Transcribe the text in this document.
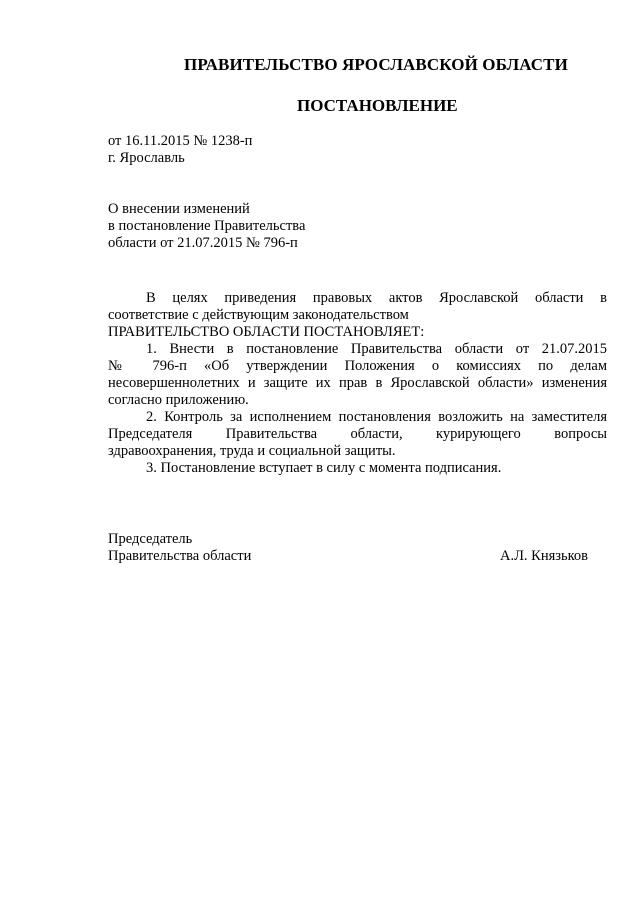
ПРАВИТЕЛЬСТВО ЯРОСЛАВСКОЙ ОБЛАСТИ
ПОСТАНОВЛЕНИЕ
от 16.11.2015 № 1238-п
г. Ярославль
О внесении изменений
в постановление Правительства
области от 21.07.2015 № 796-п

В целях приведения правовых актов Ярославской области в

соответствие с действующим законодательством

ПРАВИТЕЛЬСТВО ОБЛАСТИ ПОСТАНОВЛЯЕТ:

1. Внести в постановление Правительства области от 21.07.2015

№ 796-п «Об утверждении Положения о комиссиях по делам

несовершеннолетних и защите их прав в Ярославской области» изменения

согласно приложению.

2. Контроль за исполнением постановления возложить на заместителя

Председателя Правительства области, курирующего вопросы

здравоохранения, труда и социальной защиты.

3. Постановление вступает в силу с момента подписания.

Председатель
Правительства области	А.Л. Князьков
